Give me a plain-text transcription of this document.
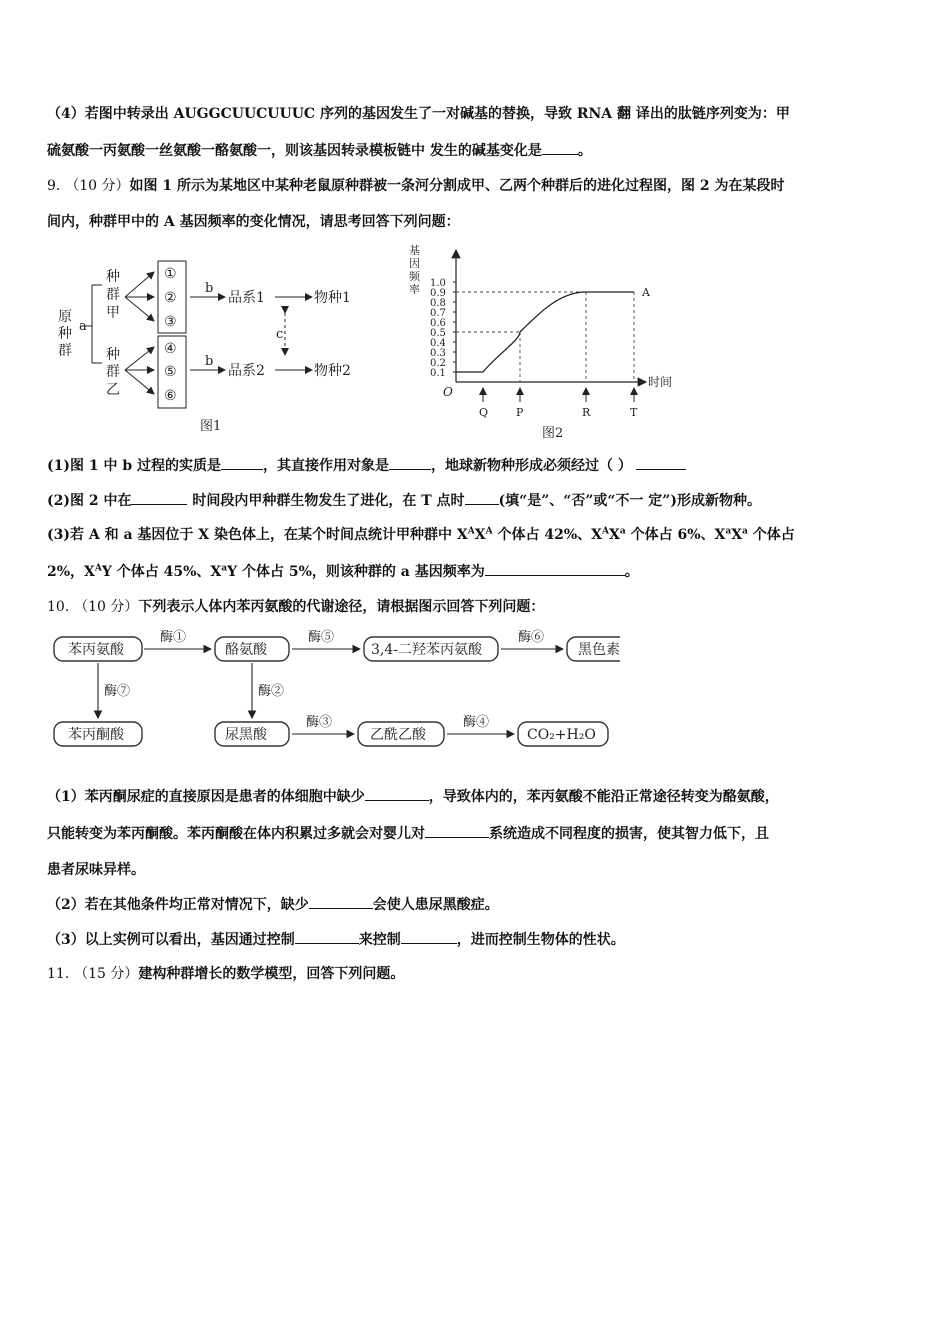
（4）若图中转录出 AUGGCUUCUUUC 序列的基因发生了一对碱基的替换，导致 RNA 翻 译出的肽链序列变为：甲
硫氨酸一丙氨酸一丝氨酸一酪氨酸一，则该基因转录模板链中 发生的碱基变化是	。
9. （10 分）如图 1 所示为某地区中某种老鼠原种群被一条河分割成甲、乙两个种群后的进化过程图，图 2 为在某段时
间内，种群甲中的 A 基因频率的变化情况，请思考回答下列问题：
原
种
群
a
种
群
甲
种
群
乙
①
②
③
④
⑤
⑥
b
b
品系1
品系2
物种1
物种2
c
图1
基
因
频
率 1.0
0.9
0.8
0.7
0.6
0.5
0.4
0.3
0.2
0.1
Q	P	R	T
A
O
时间
图2
(1)图 1 中 b 过程的实质是	，其直接作用对象是	，地球新物种形成必须经过（ ）
(2)图 2 中在	时间段内甲种群生物发生了进化，在 T 点时 (填“是”、“否”或“不一 定”)形成新物种。
(3)若 A 和 a 基因位于 X 染色体上，在某个时间点统计甲种群中 $X^AX^A$ 个体占 42%、$X^AX^a$ 个体占 6%、$X^aX^a$ 个体占
2%，$X^AY$ 个体占 45%、$X^aY$ 个体占 5%，则该种群的 a 基因频率为	。
10. （10 分）下列表示人体内苯丙氨酸的代谢途径，请根据图示回答下列问题：
苯丙氨酸	酪氨酸	3,4-二羟苯丙氨酸	黑色素
苯丙酮酸	尿黑酸	乙酰乙酸	CO₂+H₂O
酶①	酶⑤	酶⑥
酶⑦	酶②
酶③	酶④
（1）苯丙酮尿症的直接原因是患者的体细胞中缺少	，导致体内的，苯丙氨酸不能沿正常途径转变为酪氨酸，
只能转变为苯丙酮酸。苯丙酮酸在体内积累过多就会对婴儿对	系统造成不同程度的损害，使其智力低下，且
患者尿味异样。
（2）若在其他条件均正常对情况下，缺少	会使人患尿黑酸症。
（3）以上实例可以看出，基因通过控制	来控制	，进而控制生物体的性状。
11. （15 分）建构种群增长的数学模型，回答下列问题。
